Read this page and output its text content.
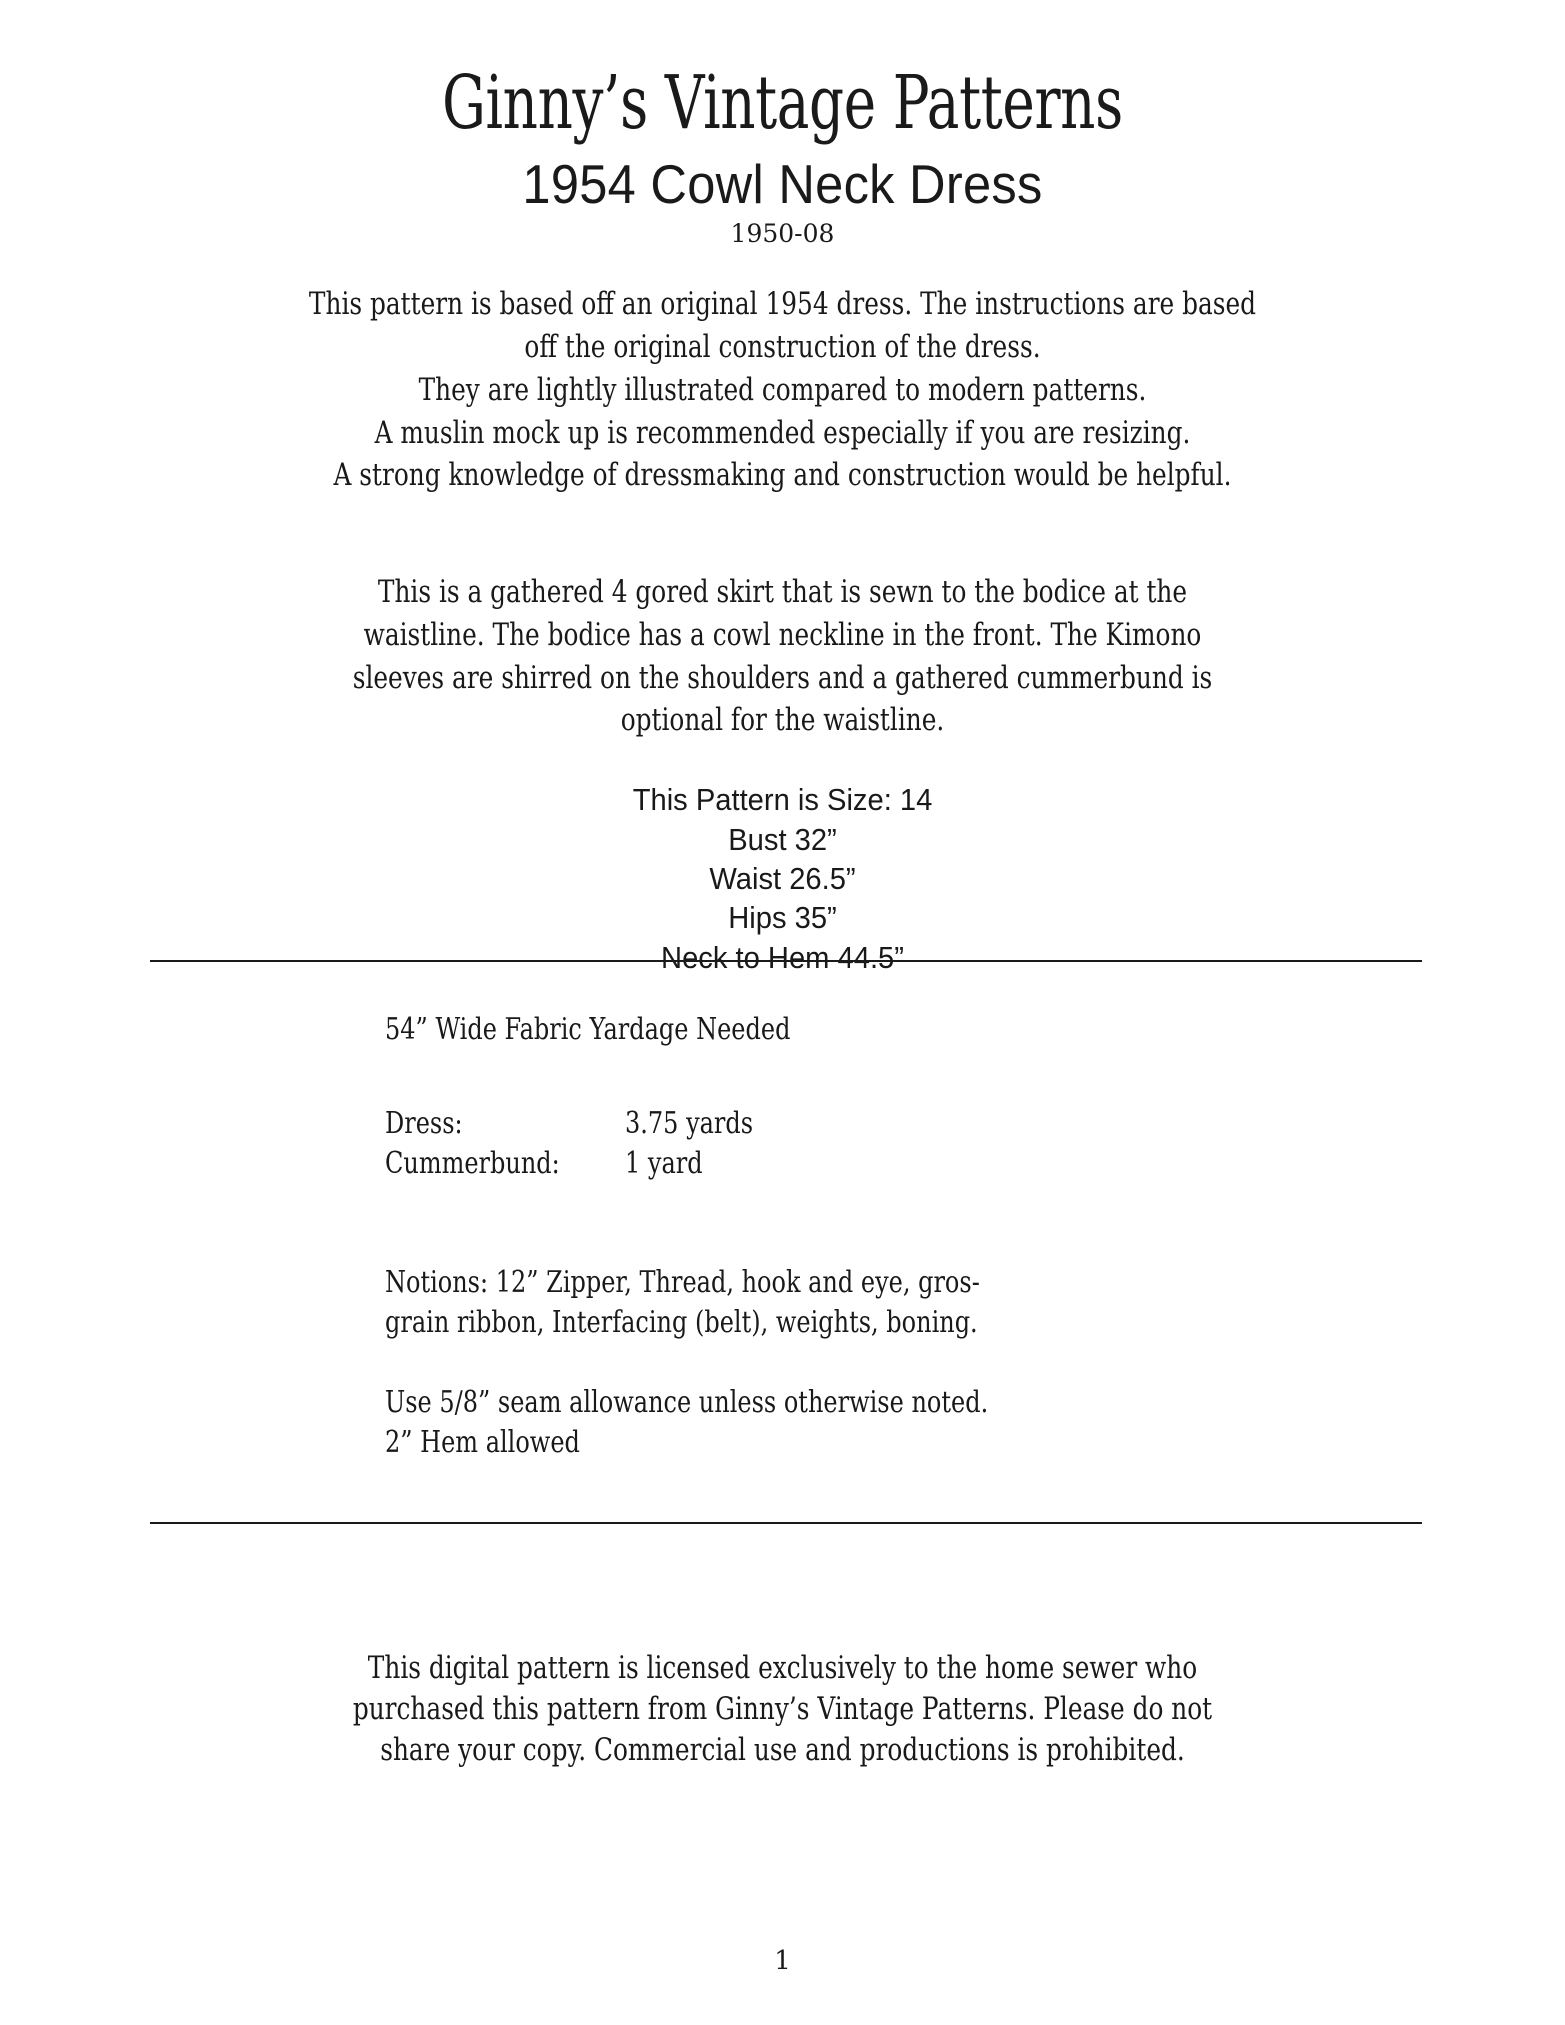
Ginny’s Vintage Patterns
1954 Cowl Neck Dress
1950-08
This pattern is based off an original 1954 dress. The instructions are based
off the original construction of the dress.
They are lightly illustrated compared to modern patterns.
A muslin mock up is recommended especially if you are resizing.
A strong knowledge of dressmaking and construction would be helpful.
This is a gathered 4 gored skirt that is sewn to the bodice at the
waistline. The bodice has a cowl neckline in the front. The Kimono
sleeves are shirred on the shoulders and a gathered cummerbund is
optional for the waistline.
This Pattern is Size: 14
Bust 32”
Waist 26.5”
Hips 35”
Neck to Hem 44.5”
54” Wide Fabric Yardage Needed
Dress:	3.75 yards
Cummerbund: 1 yard
Notions: 12” Zipper, Thread, hook and eye, gros-
grain ribbon, Interfacing (belt), weights, boning.
Use 5/8” seam allowance unless otherwise noted.
2” Hem allowed
This digital pattern is licensed exclusively to the home sewer who
purchased this pattern from Ginny’s Vintage Patterns. Please do not
share your copy. Commercial use and productions is prohibited.
1
